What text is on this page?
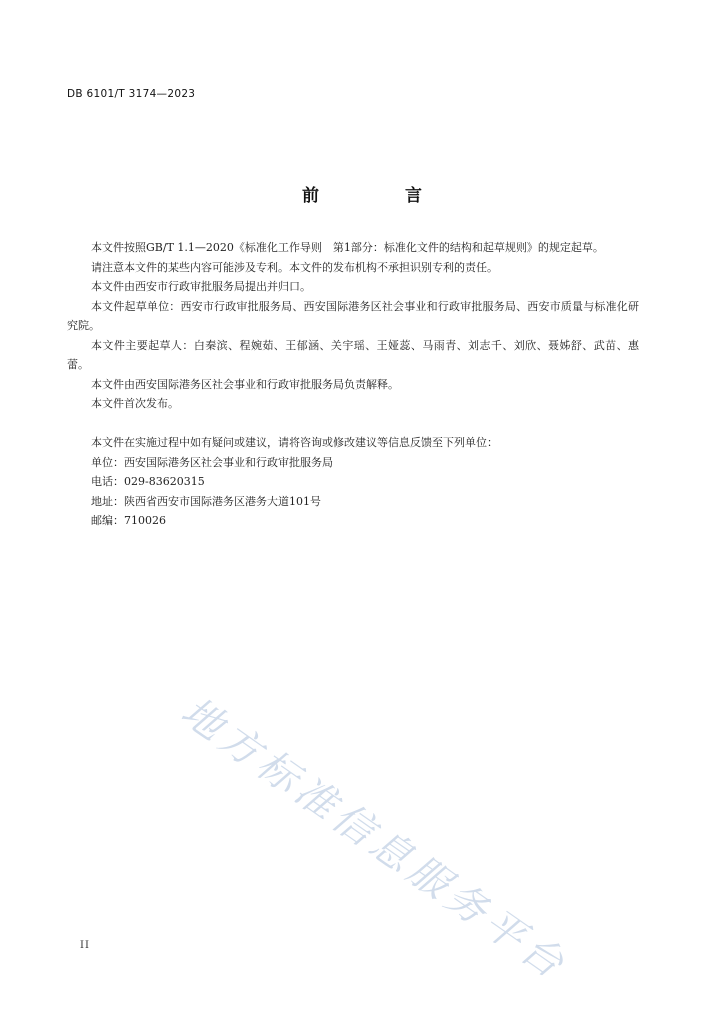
DB 6101/T 3174—2023
前 言

本文件按照GB/T 1.1—2020《标准化工作导则　第1部分：标准化文件的结构和起草规则》的规定起草。

请注意本文件的某些内容可能涉及专利。本文件的发布机构不承担识别专利的责任。

本文件由西安市行政审批服务局提出并归口。

本文件起草单位：西安市行政审批服务局、西安国际港务区社会事业和行政审批服务局、西安市质量与标准化研究院。

本文件主要起草人：白秦滨、程婉茹、王郁涵、关宇瑶、王娅蕊、马雨青、刘志千、刘欣、聂姊舒、武苗、惠蕾。

本文件由西安国际港务区社会事业和行政审批服务局负责解释。

本文件首次发布。

本文件在实施过程中如有疑问或建议，请将咨询或修改建议等信息反馈至下列单位：

单位：西安国际港务区社会事业和行政审批服务局

电话：029-83620315

地址：陕西省西安市国际港务区港务大道101号

邮编：710026

地方标准信息服务平台
II
